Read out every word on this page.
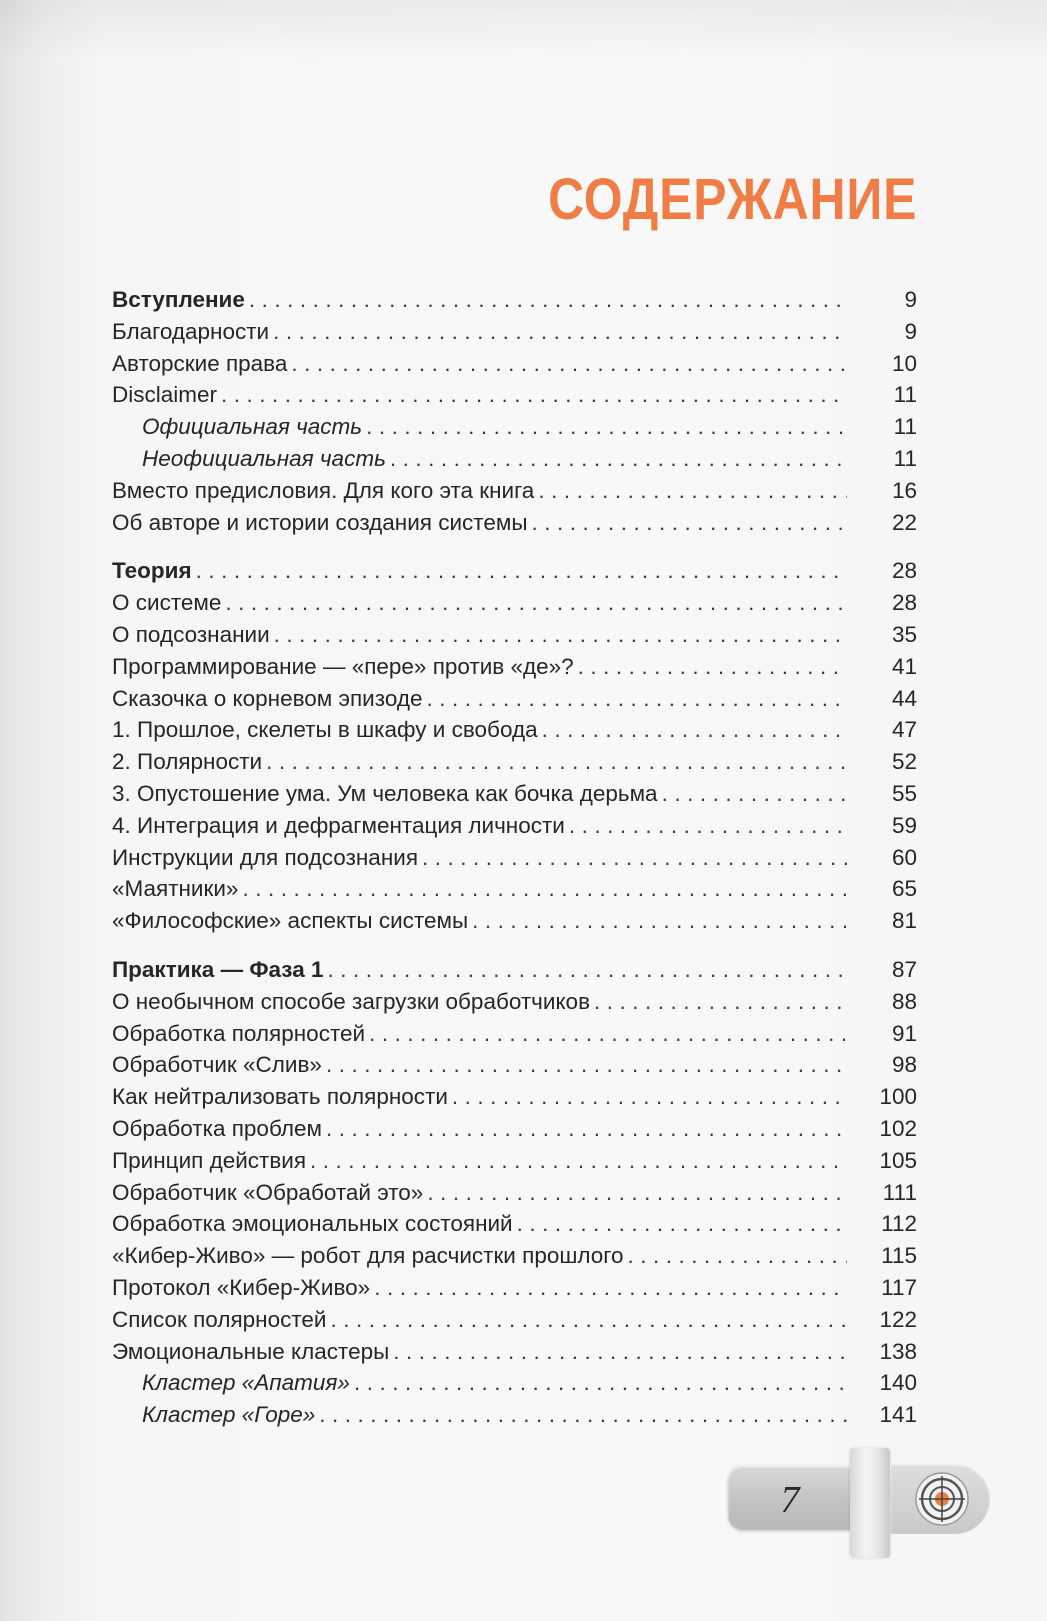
СОДЕРЖАНИЕ
Вступление .....	9
Благодарности .....	9
Авторские права .....	10
Disclaimer .....	11
Официальная часть .....	11
Неофициальная часть .....	11
Вместо предисловия. Для кого эта книга .....	16
Об авторе и истории создания системы .....	22
Теория .....	28
О системе .....	28
О подсознании .....	35
Программирование — «пере» против «де»? .....	41
Сказочка о корневом эпизоде .....	44
1. Прошлое, скелеты в шкафу и свобода .....	47
2. Полярности .....	52
3. Опустошение ума. Ум человека как бочка дерьма .....	55
4. Интеграция и дефрагментация личности .....	59
Инструкции для подсознания .....	60
«Маятники» .....	65
«Философские» аспекты системы .....	81
Практика — Фаза 1 .....	87
О необычном способе загрузки обработчиков .....	88
Обработка полярностей .....	91
Обработчик «Слив» .....	98
Как нейтрализовать полярности .....	100
Обработка проблем .....	102
Принцип действия .....	105
Обработчик «Обработай это» .....	111
Обработка эмоциональных состояний .....	112
«Кибер-Живо» — робот для расчистки прошлого .....	115
Протокол «Кибер-Живо» .....	117
Список полярностей .....	122
Эмоциональные кластеры .....	138
Кластер «Апатия» .....	140
Кластер «Горе» .....	141
7
